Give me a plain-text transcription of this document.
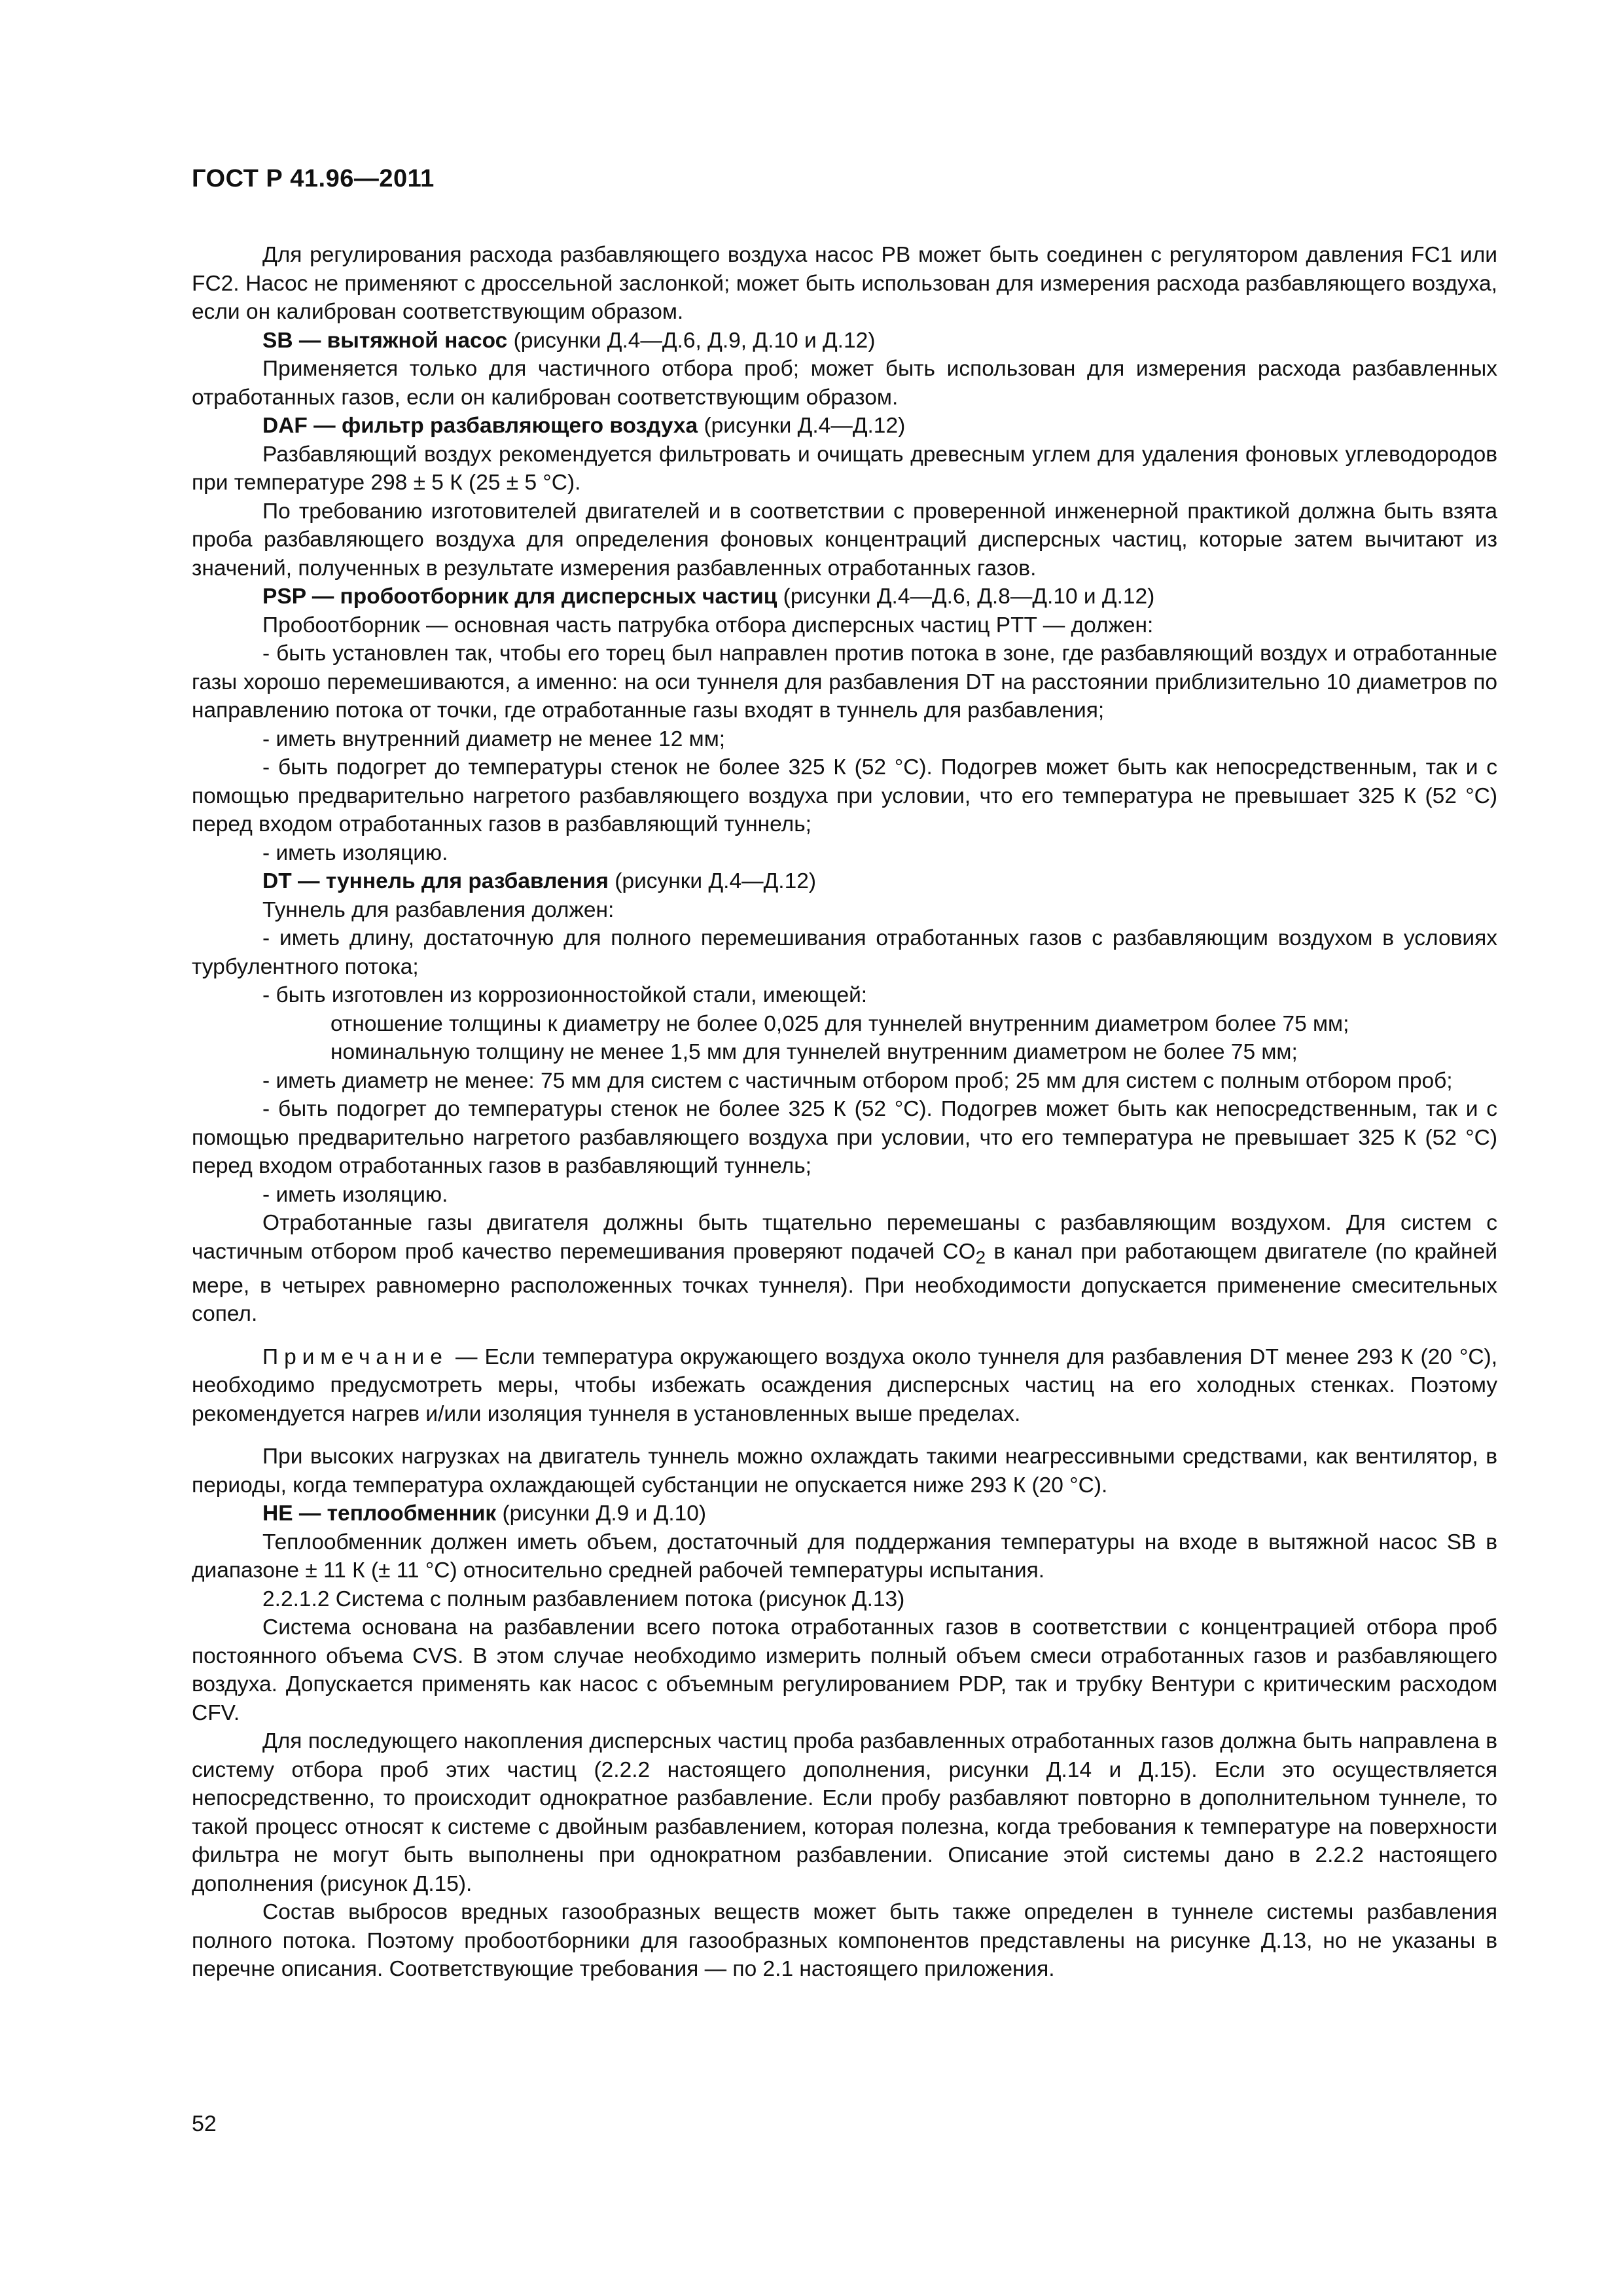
ГОСТ Р 41.96—2011

Для регулирования расхода разбавляющего воздуха насос PB может быть соединен с регулятором давления FC1 или FC2. Насос не применяют с дроссельной заслонкой; может быть использован для измерения расхода разбавляющего воздуха, если он калиброван соответствующим образом.

SB — вытяжной насос (рисунки Д.4—Д.6, Д.9, Д.10 и Д.12)

Применяется только для частичного отбора проб; может быть использован для измерения расхода разбавленных отработанных газов, если он калиброван соответствующим образом.

DAF — фильтр разбавляющего воздуха (рисунки Д.4—Д.12)

Разбавляющий воздух рекомендуется фильтровать и очищать древесным углем для удаления фоновых углеводородов при температуре 298 ± 5 К (25 ± 5 °С).

По требованию изготовителей двигателей и в соответствии с проверенной инженерной практикой должна быть взята проба разбавляющего воздуха для определения фоновых концентраций дисперсных частиц, которые затем вычитают из значений, полученных в результате измерения разбавленных отработанных газов.

PSP — пробоотборник для дисперсных частиц (рисунки Д.4—Д.6, Д.8—Д.10 и Д.12)

Пробоотборник — основная часть патрубка отбора дисперсных частиц PTT — должен:

- быть установлен так, чтобы его торец был направлен против потока в зоне, где разбавляющий воздух и отработанные газы хорошо перемешиваются, а именно: на оси туннеля для разбавления DT на расстоянии приблизительно 10 диаметров по направлению потока от точки, где отработанные газы входят в туннель для разбавления;

- иметь внутренний диаметр не менее 12 мм;

- быть подогрет до температуры стенок не более 325 К (52 °С). Подогрев может быть как непосредственным, так и с помощью предварительно нагретого разбавляющего воздуха при условии, что его температура не превышает 325 К (52 °С) перед входом отработанных газов в разбавляющий туннель;

- иметь изоляцию.

DT — туннель для разбавления (рисунки Д.4—Д.12)

Туннель для разбавления должен:

- иметь длину, достаточную для полного перемешивания отработанных газов с разбавляющим воздухом в условиях турбулентного потока;

- быть изготовлен из коррозионностойкой стали, имеющей:

отношение толщины к диаметру не более 0,025 для туннелей внутренним диаметром более 75 мм;

номинальную толщину не менее 1,5 мм для туннелей внутренним диаметром не более 75 мм;

- иметь диаметр не менее: 75 мм для систем с частичным отбором проб; 25 мм для систем с полным отбором проб;

- быть подогрет до температуры стенок не более 325 К (52 °С). Подогрев может быть как непосредственным, так и с помощью предварительно нагретого разбавляющего воздуха при условии, что его температура не превышает 325 К (52 °С) перед входом отработанных газов в разбавляющий туннель;

- иметь изоляцию.

Отработанные газы двигателя должны быть тщательно перемешаны с разбавляющим воздухом. Для систем с частичным отбором проб качество перемешивания проверяют подачей $CO_2$ в канал при работающем двигателе (по крайней мере, в четырех равномерно расположенных точках туннеля). При необходимости допускается применение смесительных сопел.

Примечание — Если температура окружающего воздуха около туннеля для разбавления DT менее 293 К (20 °С), необходимо предусмотреть меры, чтобы избежать осаждения дисперсных частиц на его холодных стенках. Поэтому рекомендуется нагрев и/или изоляция туннеля в установленных выше пределах.

При высоких нагрузках на двигатель туннель можно охлаждать такими неагрессивными средствами, как вентилятор, в периоды, когда температура охлаждающей субстанции не опускается ниже 293 К (20 °С).

HE — теплообменник (рисунки Д.9 и Д.10)

Теплообменник должен иметь объем, достаточный для поддержания температуры на входе в вытяжной насос SB в диапазоне ± 11 К (± 11 °С) относительно средней рабочей температуры испытания.

2.2.1.2 Система с полным разбавлением потока (рисунок Д.13)

Система основана на разбавлении всего потока отработанных газов в соответствии с концентрацией отбора проб постоянного объема CVS. В этом случае необходимо измерить полный объем смеси отработанных газов и разбавляющего воздуха. Допускается применять как насос с объемным регулированием PDP, так и трубку Вентури с критическим расходом CFV.

Для последующего накопления дисперсных частиц проба разбавленных отработанных газов должна быть направлена в систему отбора проб этих частиц (2.2.2 настоящего дополнения, рисунки Д.14 и Д.15). Если это осуществляется непосредственно, то происходит однократное разбавление. Если пробу разбавляют повторно в дополнительном туннеле, то такой процесс относят к системе с двойным разбавлением, которая полезна, когда требования к температуре на поверхности фильтра не могут быть выполнены при однократном разбавлении. Описание этой системы дано в 2.2.2 настоящего дополнения (рисунок Д.15).

Состав выбросов вредных газообразных веществ может быть также определен в туннеле системы разбавления полного потока. Поэтому пробоотборники для газообразных компонентов представлены на рисунке Д.13, но не указаны в перечне описания. Соответствующие требования — по 2.1 настоящего приложения.

52
